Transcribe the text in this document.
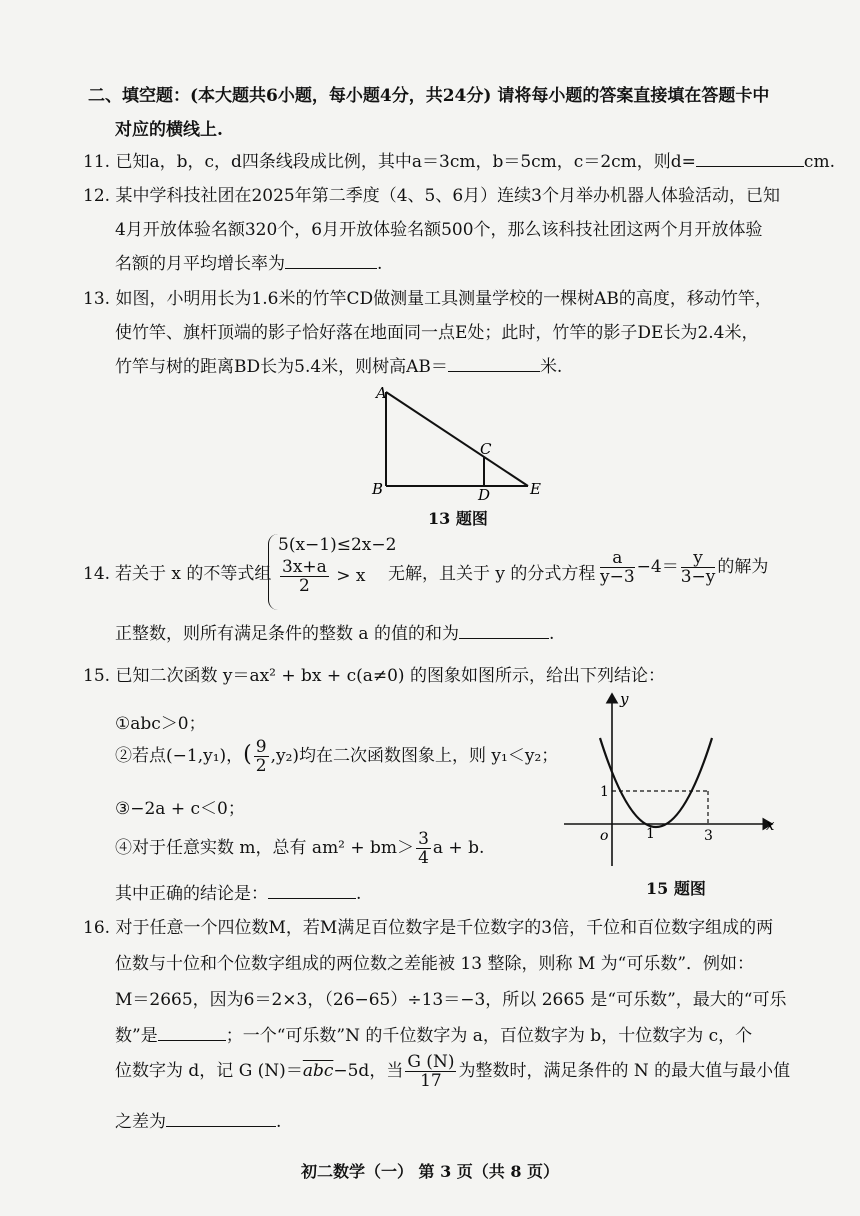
二、填空题：(本大题共6小题，每小题4分，共24分) 请将每小题的答案直接填在答题卡中
对应的横线上.
11. 已知a，b，c，d四条线段成比例，其中a＝3cm，b＝5cm，c＝2cm，则d=	cm.
12. 某中学科技社团在2025年第二季度（4、5、6月）连续3个月举办机器人体验活动，已知
4月开放体验名额320个，6月开放体验名额500个，那么该科技社团这两个月开放体验
名额的月平均增长率为	.
13. 如图，小明用长为1.6米的竹竿CD做测量工具测量学校的一棵树AB的高度，移动竹竿，
使竹竿、旗杆顶端的影子恰好落在地面同一点E处；此时，竹竿的影子DE长为2.4米，
竹竿与树的距离BD长为5.4米，则树高AB＝	米.
A
B
C
D	E
13 题图
14. 若关于 x 的不等式组
5(x−1)≤2x−2
$\frac{3x+a}{2} > x$ 无解，且关于 y 的分式方程 $\frac{a}{y-3} -4= \frac{y}{3-y}$ 的解为
正整数，则所有满足条件的整数 a 的值的和为	.
15. 已知二次函数 y＝ax² + bx + c(a≠0) 的图象如图所示，给出下列结论：
①abc＞0；
②若点(−1,y₁)，( $\frac{9}{2} ,y_2$)均在二次函数图象上，则 y₁＜y₂；
③−2a + c＜0；
④对于任意实数 m，总有 $am^2 + bm> \frac{3}{4}$ a + b.
其中正确的结论是：	.
y
x
o
1
1	3
15 题图
16. 对于任意一个四位数M，若M满足百位数字是千位数字的3倍，千位和百位数字组成的两
位数与十位和个位数字组成的两位数之差能被 13 整除，则称 M 为“可乐数”．例如：
M＝2665，因为6＝2×3，（26−65）÷13＝−3，所以 2665 是“可乐数”，最大的“可乐
数”是	；一个“可乐数”N 的千位数字为 a，百位数字为 b，十位数字为 c，个
位数字为 d，记 G $(N)=\overline{abc}-5d$，当 $\frac{G (N)}{17}$ 为整数时，满足条件的 N 的最大值与最小值
之差为	.
初二数学（一） 第 3 页（共 8 页）
